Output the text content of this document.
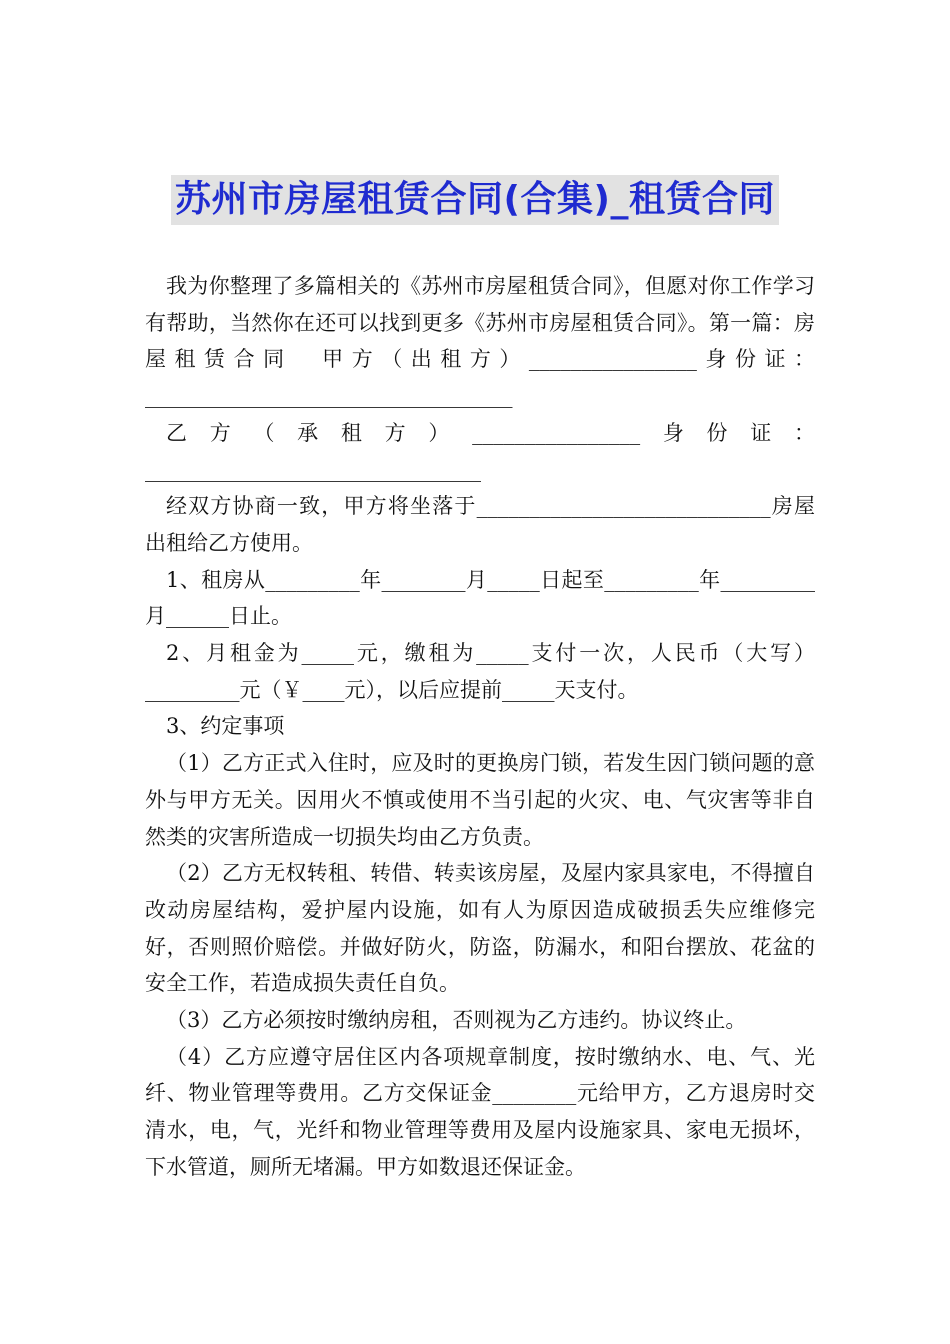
苏州市房屋租赁合同(合集)_租赁合同

我为你整理了多篇相关的《苏州市房屋租赁合同》，但愿对你工作学习有帮助，当然你在还可以找到更多《苏州市房屋租赁合同》。第一篇：房屋租赁合同　甲方（出租方）________________身份证：___________________________________

乙方（承租方）________________身份证：________________________________

经双方协商一致，甲方将坐落于____________________________房屋出租给乙方使用。

1、租房从_________年________月_____日起至_________年_________月______日止。

2、月租金为_____元，缴租为_____支付一次，人民币（大写）_________元（￥____元），以后应提前_____天支付。

3、约定事项

（1）乙方正式入住时，应及时的更换房门锁，若发生因门锁问题的意外与甲方无关。因用火不慎或使用不当引起的火灾、电、气灾害等非自然类的灾害所造成一切损失均由乙方负责。

（2）乙方无权转租、转借、转卖该房屋，及屋内家具家电，不得擅自改动房屋结构，爱护屋内设施，如有人为原因造成破损丢失应维修完好，否则照价赔偿。并做好防火，防盗，防漏水，和阳台摆放、花盆的安全工作，若造成损失责任自负。

（3）乙方必须按时缴纳房租，否则视为乙方违约。协议终止。

（4）乙方应遵守居住区内各项规章制度，按时缴纳水、电、气、光纤、物业管理等费用。乙方交保证金________元给甲方，乙方退房时交清水，电，气，光纤和物业管理等费用及屋内设施家具、家电无损坏，下水管道，厕所无堵漏。甲方如数退还保证金。
